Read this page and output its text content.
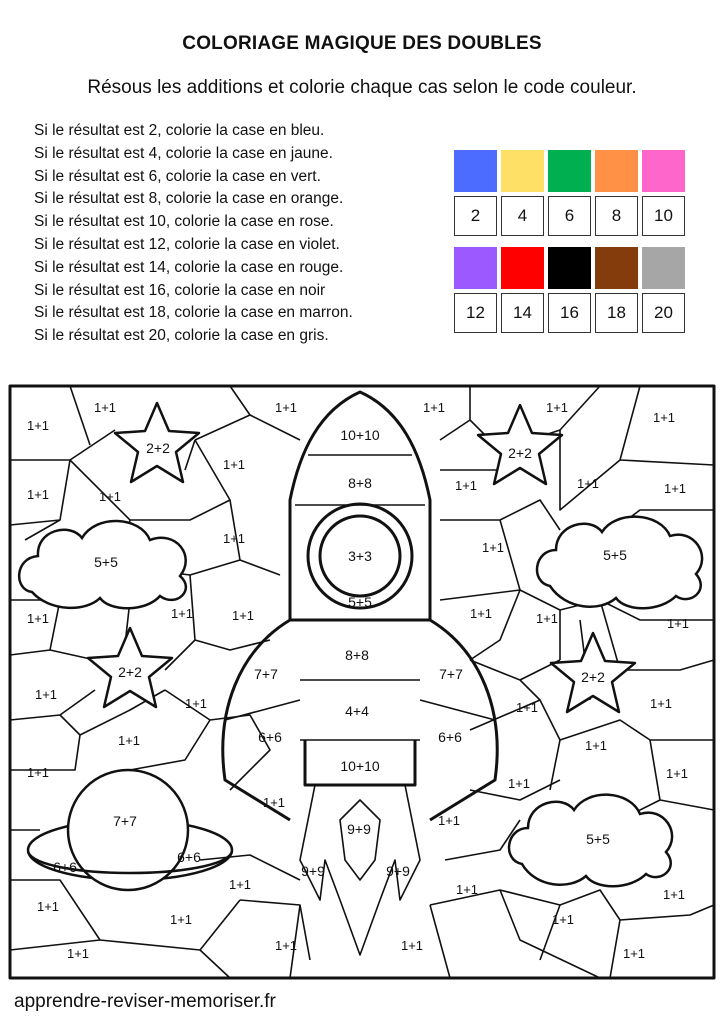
COLORIAGE MAGIQUE DES DOUBLES
Résous les additions et colorie chaque cas selon le code couleur.
Si le résultat est 2, colorie la case en bleu.
Si le résultat est 4, colorie la case en jaune.
Si le résultat est 6, colorie la case en vert.
Si le résultat est 8, colorie la case en orange.
Si le résultat est 10, colorie la case en rose.
Si le résultat est 12, colorie la case en violet.
Si le résultat est 14, colorie la case en rouge.
Si le résultat est 16, colorie la case en noir
Si le résultat est 18, colorie la case en marron.
Si le résultat est 20, colorie la case en gris.
2	4	6	8	10
12	14	16	18	20
10+10
8+8
3+3
5+5
8+8
7+7	7+7
4+4
6+6	6+6
10+10
9+9
9+9	9+9
2+2	2+2
2+2	2+2
5+5	5+5
5+5
7+7
6+6
6+6
1+1	1+1	1+1	1+1
1+1
1+1
1+1
1+1	1+1
1+1	1+1	1+1
1+1
1+1
1+1	1+1	1+1	1+1	1+1	1+1
1+1
1+1	1+1
1+1
1+1	1+1
1+1	1+1
1+1
1+1
1+1
1+1	1+1	1+1
1+1
1+1	1+1
1+1	1+1
1+1	1+1
apprendre-reviser-memoriser.fr
